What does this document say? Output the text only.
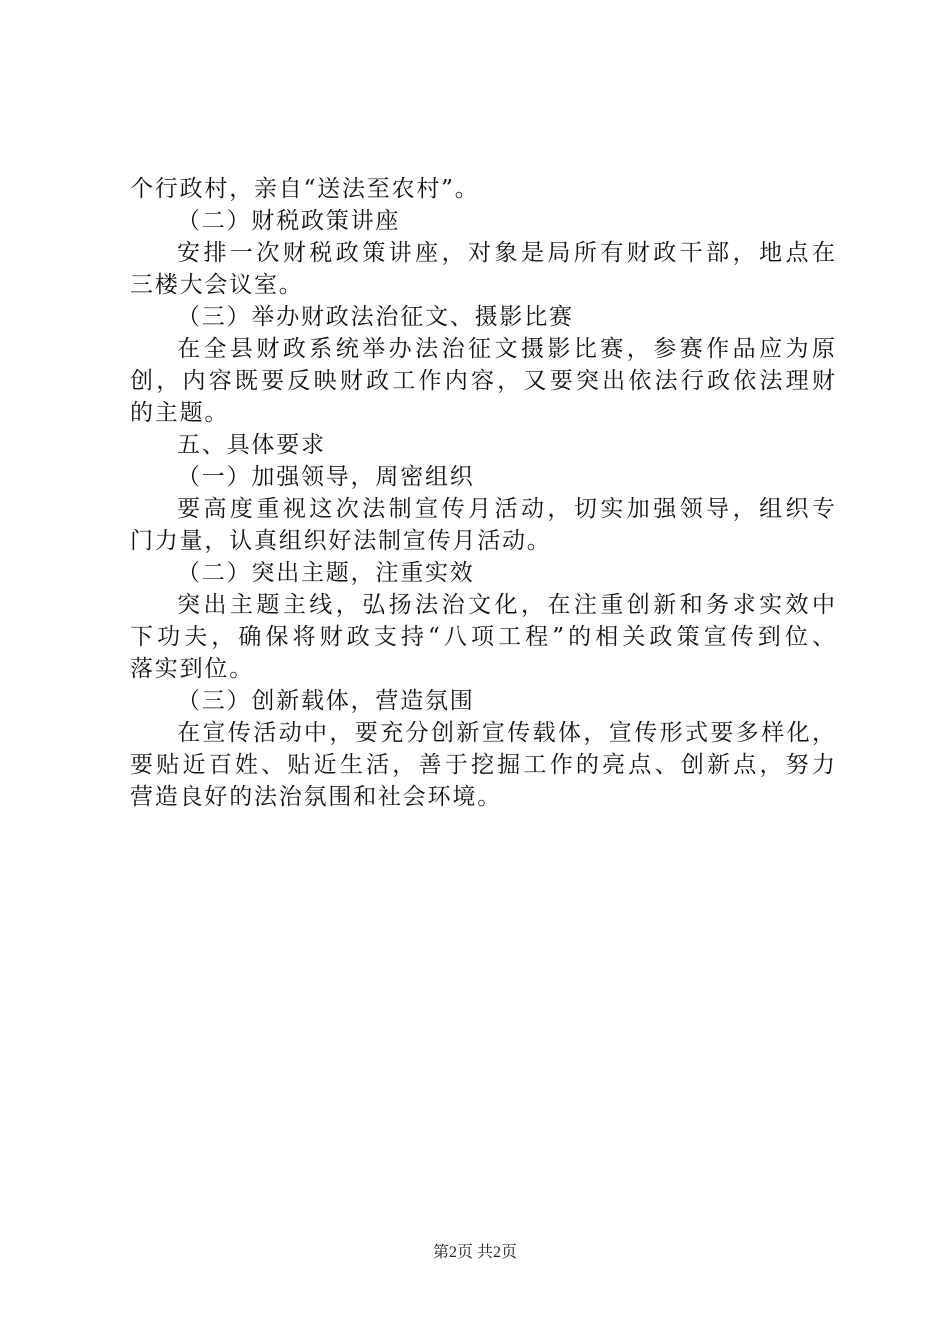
个行政村，亲自“送法至农村”。
（二）财税政策讲座
安排一次财税政策讲座，对象是局所有财政干部，地点在
三楼大会议室。
（三）举办财政法治征文、摄影比赛
在全县财政系统举办法治征文摄影比赛，参赛作品应为原
创，内容既要反映财政工作内容，又要突出依法行政依法理财
的主题。
五、具体要求
（一）加强领导，周密组织
要高度重视这次法制宣传月活动，切实加强领导，组织专
门力量，认真组织好法制宣传月活动。
（二）突出主题，注重实效
突出主题主线，弘扬法治文化，在注重创新和务求实效中
下功夫，确保将财政支持“八项工程”的相关政策宣传到位、
落实到位。
（三）创新载体，营造氛围
在宣传活动中，要充分创新宣传载体，宣传形式要多样化，
要贴近百姓、贴近生活，善于挖掘工作的亮点、创新点，努力
营造良好的法治氛围和社会环境。
第2页 共2页
